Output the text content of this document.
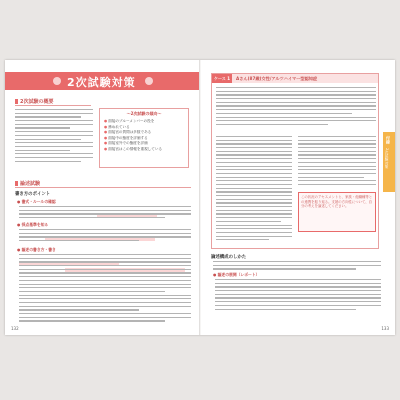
2次試験対策
2次試験の概要
〜2次試験の傾向〜
● 面接のブルーメンバーの役を
● 務めれている
● 面接官の質問は多数である
● 面接中の態度を評価する
● 面接室外での態度を評価
● 面接官はこの情報を重視している
論述試験
書き方のポイント
● 書式・ルールの確認
● 採点基準を知る
● 論述の書き方・書き
132
ケース 1	Aさん(87歳)女性/アルツハイマー型認知症

この状況のアセスメントと、家族・他職種等との連携を振り返る。支援の方向性について、自分の考えを論述してください。

論述構成のしかた
● 論述の展開（レポート）
付録
2次試験対策
133
